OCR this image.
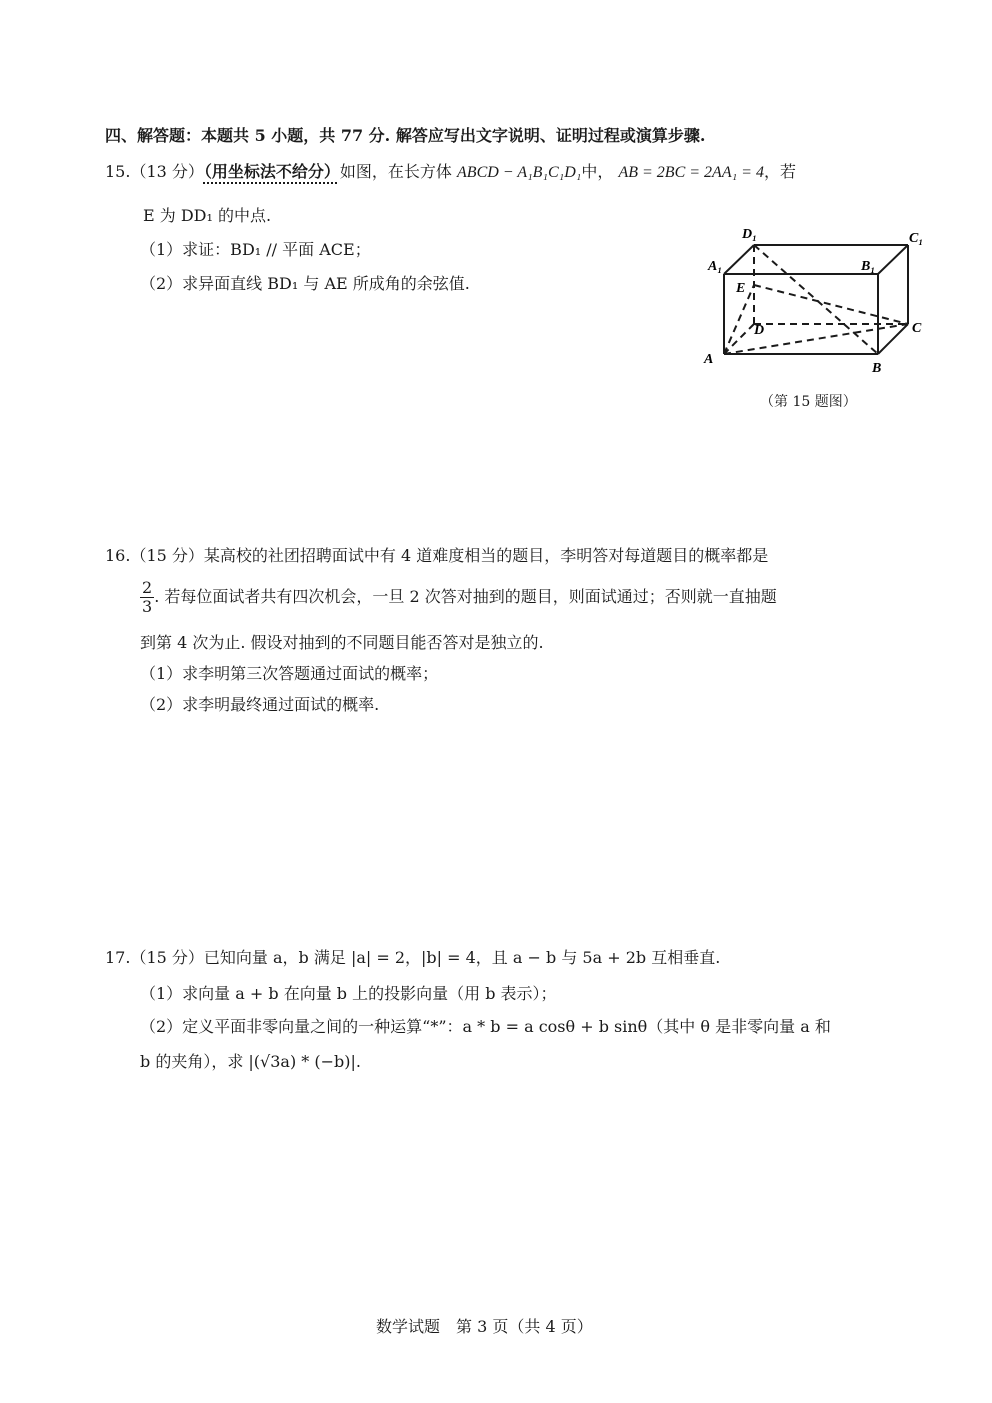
四、解答题：本题共 5 小题，共 77 分. 解答应写出文字说明、证明过程或演算步骤.
15.（13 分）（用坐标法不给分）如图，在长方体 ABCD − A₁B₁C₁D₁中， AB = 2BC = 2AA₁ = 4，若
E 为 DD₁ 的中点.
（1）求证：BD₁ // 平面 ACE；
（2）求异面直线 BD₁ 与 AE 所成角的余弦值.
D₁	C₁
A₁	B₁
E
D	C
A
B
（第 15 题图）
16.（15 分）某高校的社团招聘面试中有 4 道难度相当的题目，李明答对每道题目的概率都是
$\frac{2}{3}$ . 若每位面试者共有四次机会，一旦 2 次答对抽到的题目，则面试通过；否则就一直抽题
到第 4 次为止. 假设对抽到的不同题目能否答对是独立的.
（1）求李明第三次答题通过面试的概率；
（2）求李明最终通过面试的概率.
17.（15 分）已知向量 a，b 满足 |a| = 2，|b| = 4，且 a − b 与 5a + 2b 互相垂直.
（1）求向量 a + b 在向量 b 上的投影向量（用 b 表示）；
（2）定义平面非零向量之间的一种运算“*”：a * b = a cosθ + b sinθ（其中 θ 是非零向量 a 和
b 的夹角），求 |(√3a) * (−b)|.
数学试题　第 3 页（共 4 页）
